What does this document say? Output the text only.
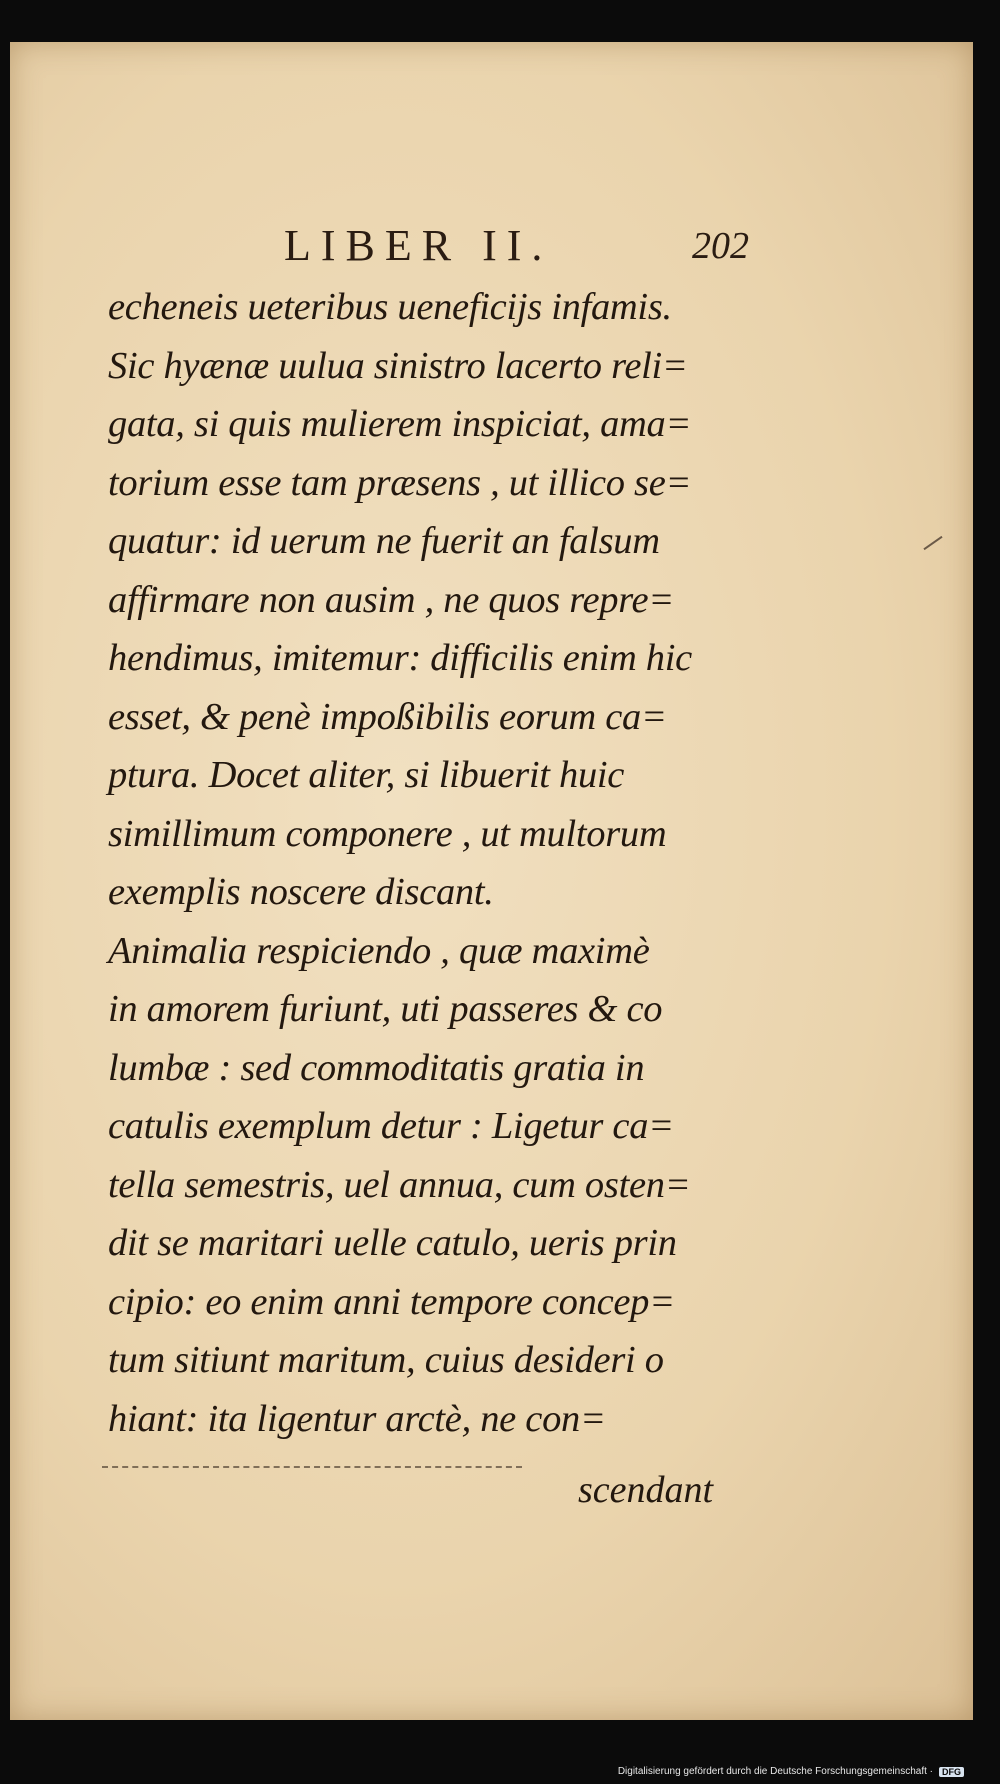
LIBER II.	202
echeneis ueteribus ueneficijs infamis.
Sic hyænæ uulua sinistro lacerto reli=
gata, si quis mulierem inspiciat, ama=
torium esse tam præsens , ut illico se=
quatur: id uerum ne fuerit an falsum
affirmare non ausim , ne quos repre=
hendimus, imitemur: difficilis enim hic
esset, & penè impoßibilis eorum ca=
ptura. Docet aliter, si libuerit huic
simillimum componere , ut multorum
exemplis noscere discant.
Animalia respiciendo , quæ maximè
in amorem furiunt, uti passeres & co
lumbæ : sed commoditatis gratia in
catulis exemplum detur : Ligetur ca=
tella semestris, uel annua, cum osten=
dit se maritari uelle catulo, ueris prin
cipio: eo enim anni tempore concep=
tum sitiunt maritum, cuius desideri o
hiant: ita ligentur arctè, ne con=
scendant
Digitalisierung gefördert durch die Deutsche Forschungsgemeinschaft ·	DFG
